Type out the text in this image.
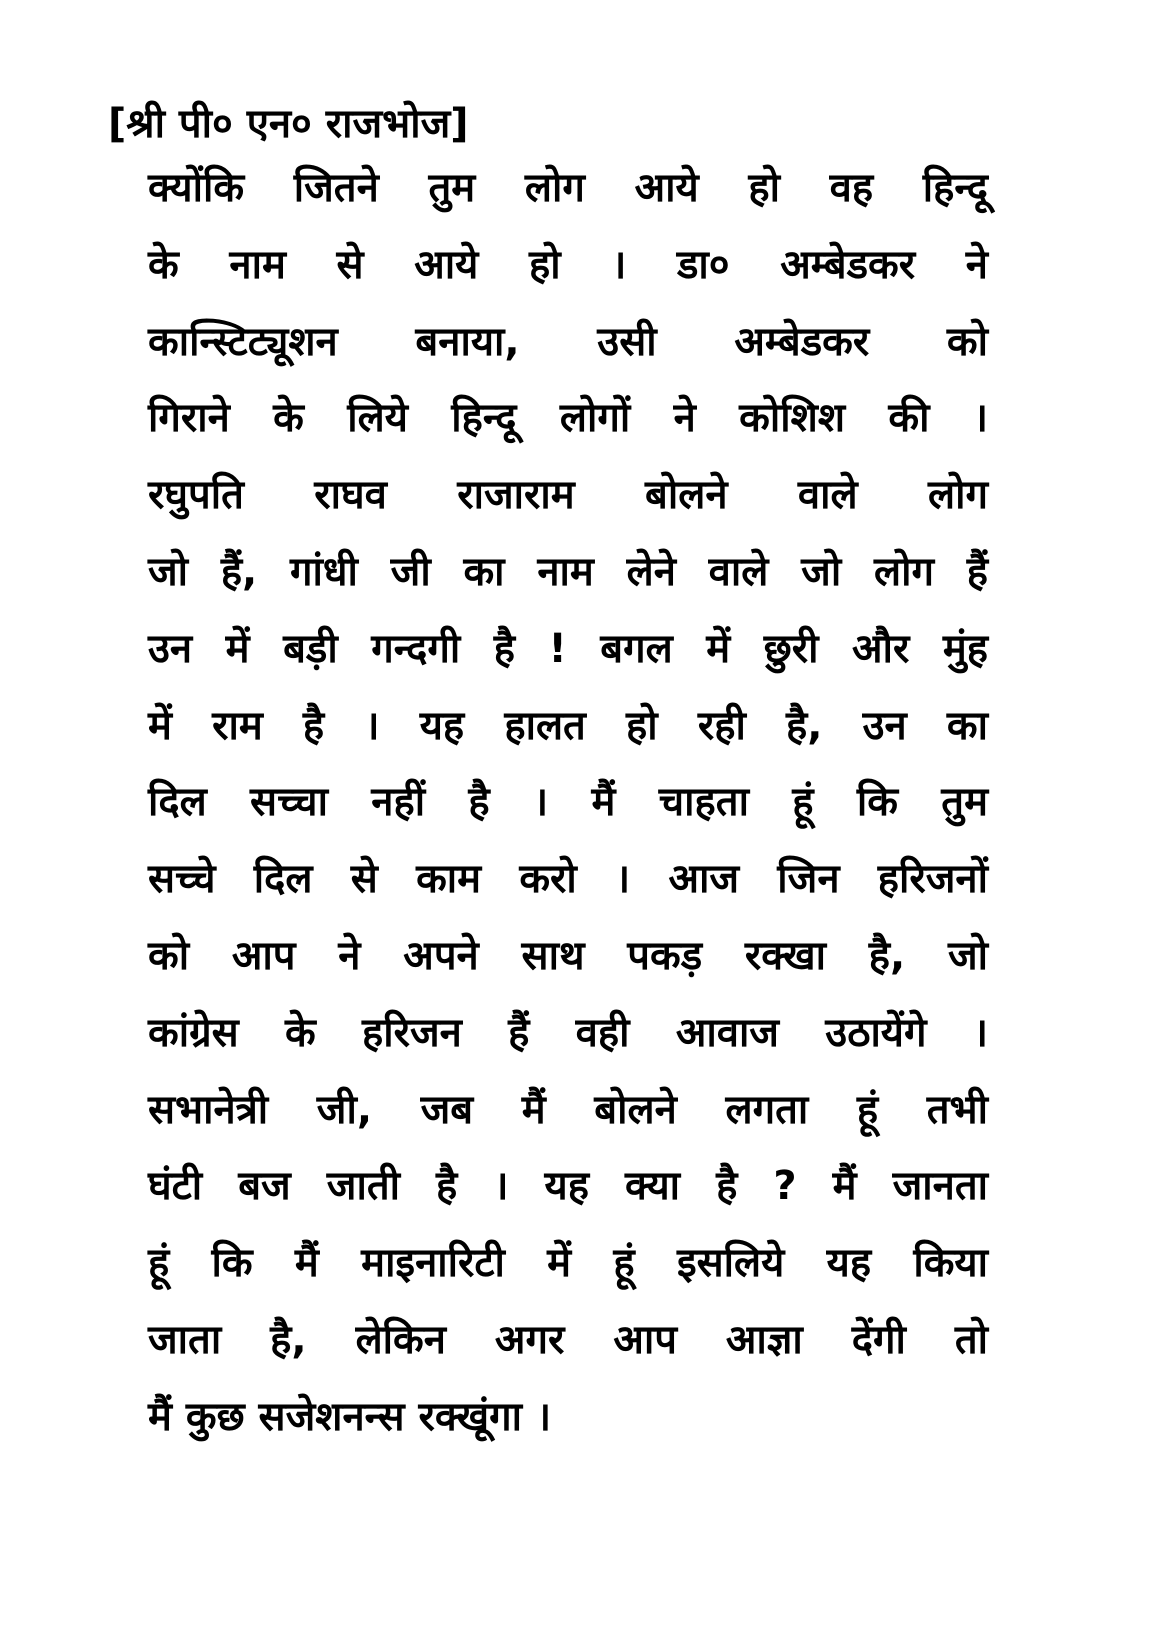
[श्री पी० एन० राजभोज]
क्योंकि जितने तुम लोग आये हो वह हिन्दू
के नाम से आये हो । डा० अम्बेडकर ने
कान्स्टिट्यूशन बनाया, उसी अम्बेडकर को
गिराने के लिये हिन्दू लोगों ने कोशिश की ।
रघुपति राघव राजाराम बोलने वाले लोग
जो हैं, गांधी जी का नाम लेने वाले जो लोग हैं
उन में बड़ी गन्दगी है ! बगल में छुरी और मुंह
में राम है । यह हालत हो रही है, उन का
दिल सच्चा नहीं है । मैं चाहता हूं कि तुम
सच्चे दिल से काम करो । आज जिन हरिजनों
को आप ने अपने साथ पकड़ रक्खा है, जो
कांग्रेस के हरिजन हैं वही आवाज उठायेंगे ।
सभानेत्री जी, जब मैं बोलने लगता हूं तभी
घंटी बज जाती है । यह क्या है ? मैं जानता
हूं कि मैं माइनारिटी में हूं इसलिये यह किया
जाता है, लेकिन अगर आप आज्ञा देंगी तो
मैं कुछ सजेशनन्स रक्खूंगा ।
